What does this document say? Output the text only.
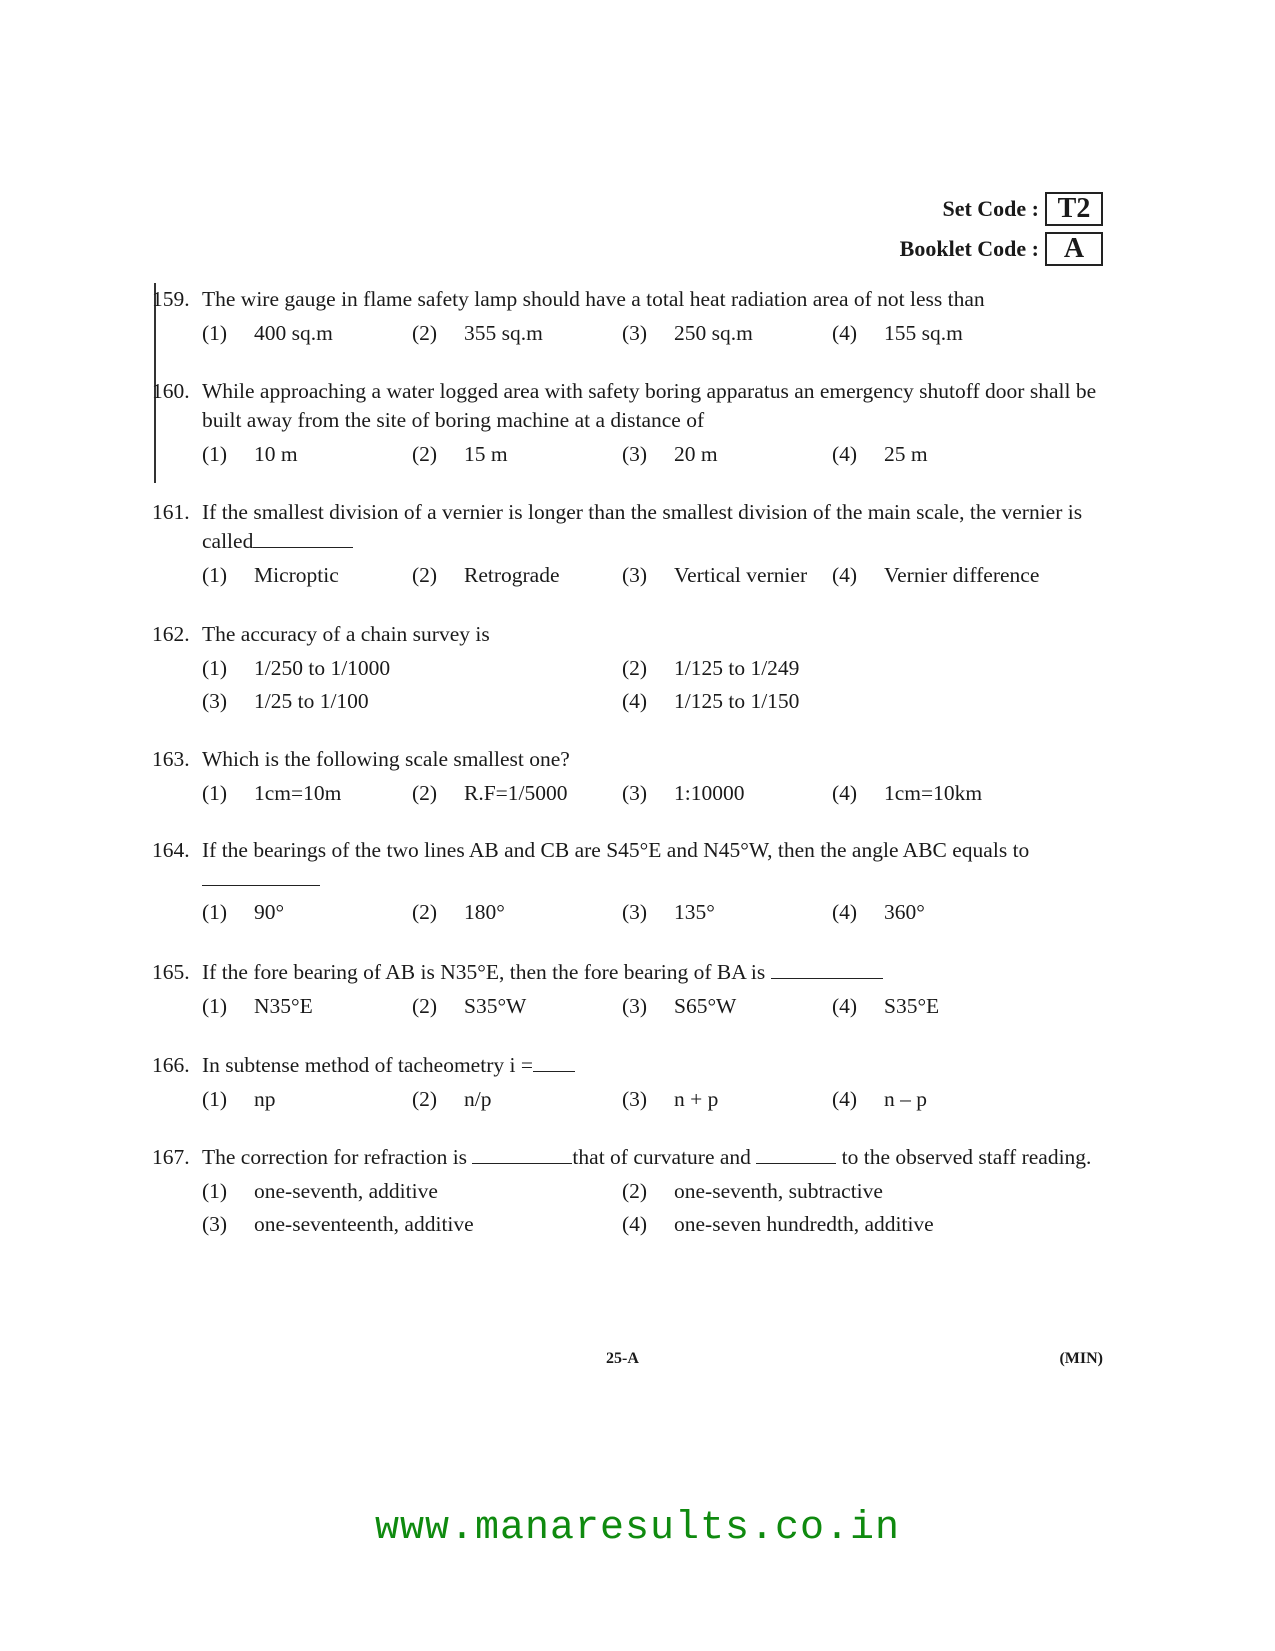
Set Code : T2
Booklet Code : A
159. The wire gauge in flame safety lamp should have a total heat radiation area of not less than
(1)	400 sq.m	(2)	355 sq.m	(3)	250 sq.m	(4)	155 sq.m
160. While approaching a water logged area with safety boring apparatus an emergency shutoff door shall be built away from the site of boring machine at a distance of
(1)	10 m	(2)	15 m	(3)	20 m	(4)	25 m
161. If the smallest division of a vernier is longer than the smallest division of the main scale, the vernier is called
(1)	Microptic	(2)	Retrograde	(3)	Vertical vernier (4)	Vernier difference
162. The accuracy of a chain survey is
(1)	1/250 to 1/1000	(2)	1/125 to 1/249
(3)	1/25 to 1/100	(4)	1/125 to 1/150
163. Which is the following scale smallest one?
(1)	1cm=10m	(2)	R.F=1/5000	(3)	1:10000	(4)	1cm=10km
164. If the bearings of the two lines AB and CB are S45°E and N45°W, then the angle ABC equals to
(1)	90°	(2)	180°	(3)	135°	(4)	360°
165. If the fore bearing of AB is N35°E, then the fore bearing of BA is
(1)	N35°E	(2)	S35°W	(3)	S65°W	(4)	S35°E
166. In subtense method of tacheometry i =
(1)	np	(2)	n/p	(3)	n + p	(4)	n – p
167. The correction for refraction is	that of curvature and	to the observed staff reading.
(1)	one-seventh, additive	(2)	one-seventh, subtractive
(3)	one-seventeenth, additive	(4)	one-seven hundredth, additive
25-A	(MIN)
www.manaresults.co.in
